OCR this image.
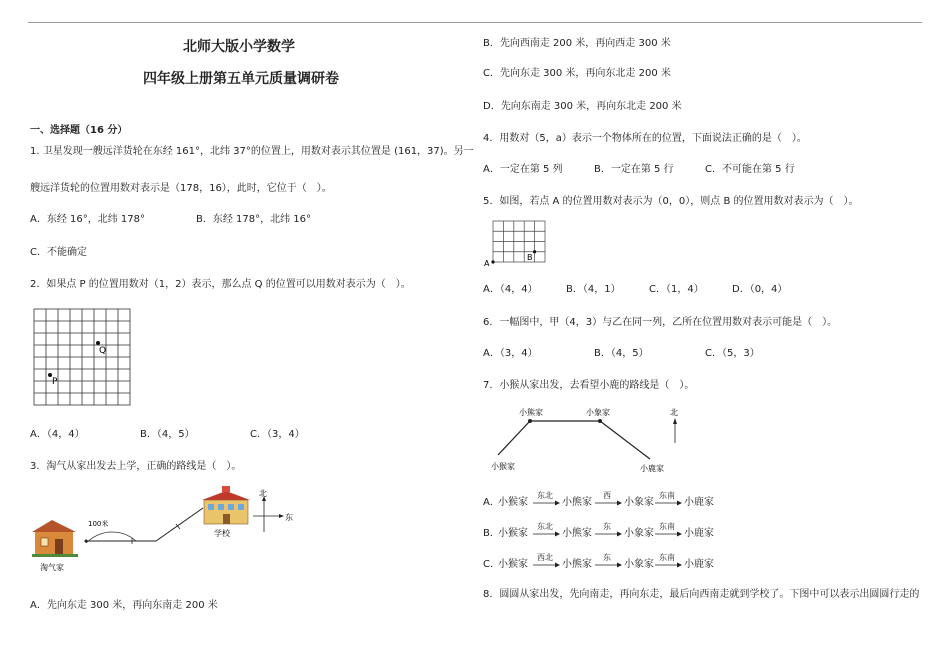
北师大版小学数学
四年级上册第五单元质量调研卷
一、选择题（16 分）
1. 卫星发现一艘远洋货轮在东经 161°，北纬 37°的位置上，用数对表示其位置是 (161，37)。另一
艘远洋货轮的位置用数对表示是（178，16），此时，它位于（　）。
A．东经 16°，北纬 178°	B．东经 178°，北纬 16°
C．不能确定
2．如果点 P 的位置用数对（1，2）表示，那么点 Q 的位置可以用数对表示为（　）。
Q
P
A．（4，4）	B．（4，5）	C．（3，4）
3．淘气从家出发去上学，正确的路线是（　）。
淘气家
100米
学校
北
东
A．先向东走 300 米，再向东南走 200 米
B．先向西南走 200 米，再向西走 300 米
C．先向东走 300 米，再向东北走 200 米
D．先向东南走 300 米，再向东北走 200 米
4．用数对（5，a）表示一个物体所在的位置，下面说法正确的是（　）。
A．一定在第 5 列	B．一定在第 5 行	C．不可能在第 5 行
5．如图，若点 A 的位置用数对表示为（0，0），则点 B 的位置用数对表示为（　）。
A
B
A．（4，4）	B．（4，1）	C．（1，4）	D．（0，4）
6．一幅图中，甲（4，3）与乙在同一列，乙所在位置用数对表示可能是（　）。
A．（3，4）	B．（4，5）	C．（5，3）
7．小猴从家出发，去看望小鹿的路线是（　）。
小熊家	小象家
小猴家	小鹿家
北
A．
小猴家
东北
小熊家
西
小象家
东南
小鹿家
B．
小猴家
东北
小熊家
东
小象家
东南
小鹿家
C．
小猴家
西北
小熊家
东
小象家
东南
小鹿家
8．圆圆从家出发，先向南走，再向东走，最后向西南走就到学校了。下图中可以表示出圆圆行走的
